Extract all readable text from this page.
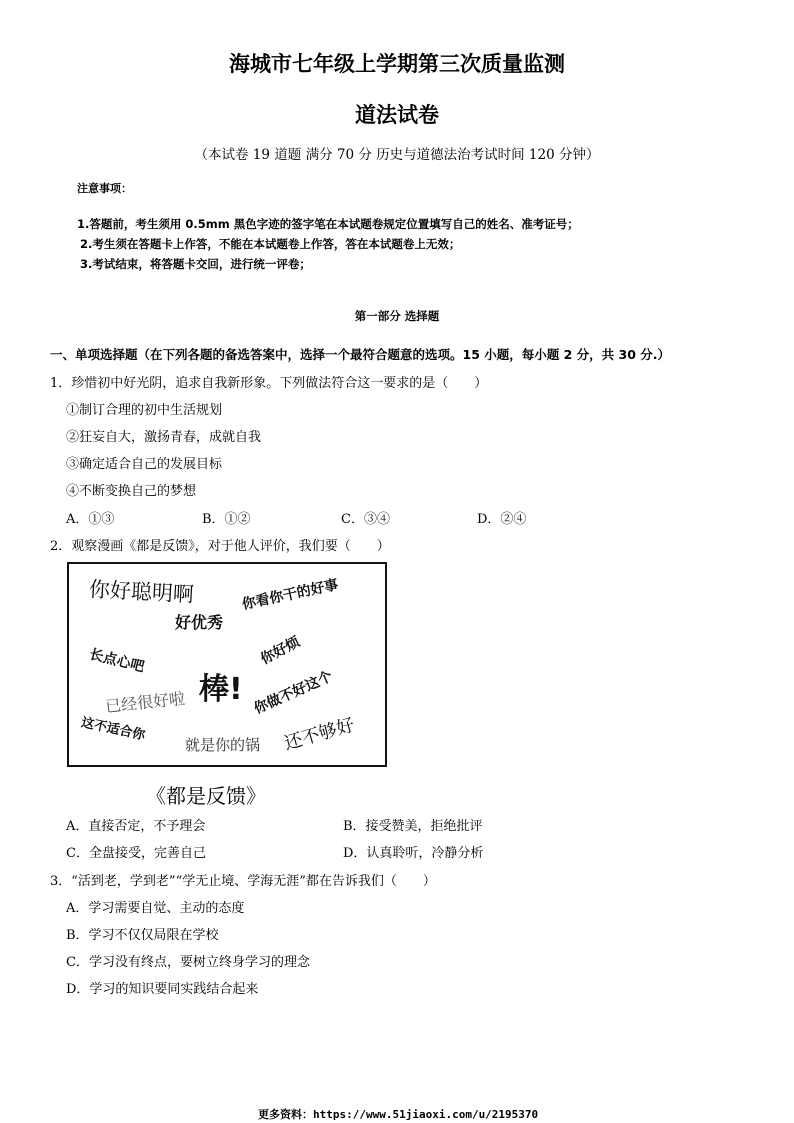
海城市七年级上学期第三次质量监测
道法试卷
（本试卷 19 道题 满分 70 分 历史与道德法治考试时间 120 分钟）
注意事项：
1.答题前，考生须用 0.5mm 黑色字迹的签字笔在本试题卷规定位置填写自己的姓名、准考证号；
2.考生须在答题卡上作答，不能在本试题卷上作答，答在本试题卷上无效；
3.考试结束，将答题卡交回，进行统一评卷；
第一部分 选择题
一、单项选择题（在下列各题的备选答案中，选择一个最符合题意的选项。15 小题，每小题 2 分，共 30 分.）
1．珍惜初中好光阴，追求自我新形象。下列做法符合这一要求的是（　　）
①制订合理的初中生活规划
②狂妄自大，激扬青春，成就自我
③确定适合自己的发展目标
④不断变换自己的梦想
A．①③	B．①②	C．③④	D．②④
2．观察漫画《都是反馈》，对于他人评价，我们要（　　）
你好聪明啊
好优秀
你看你干的好事
长点心吧
棒!
你好烦
已经很好啦	你做不好这个
这不适合你
就是你的锅 还不够好
《都是反馈》
A．直接否定，不予理会	B．接受赞美，拒绝批评
C．全盘接受，完善自己	D．认真聆听，冷静分析
3．“活到老，学到老”“学无止境、学海无涯”都在告诉我们（　　）
A．学习需要自觉、主动的态度
B．学习不仅仅局限在学校
C．学习没有终点，要树立终身学习的理念
D．学习的知识要同实践结合起来
更多资料：https://www.51jiaoxi.com/u/2195370
